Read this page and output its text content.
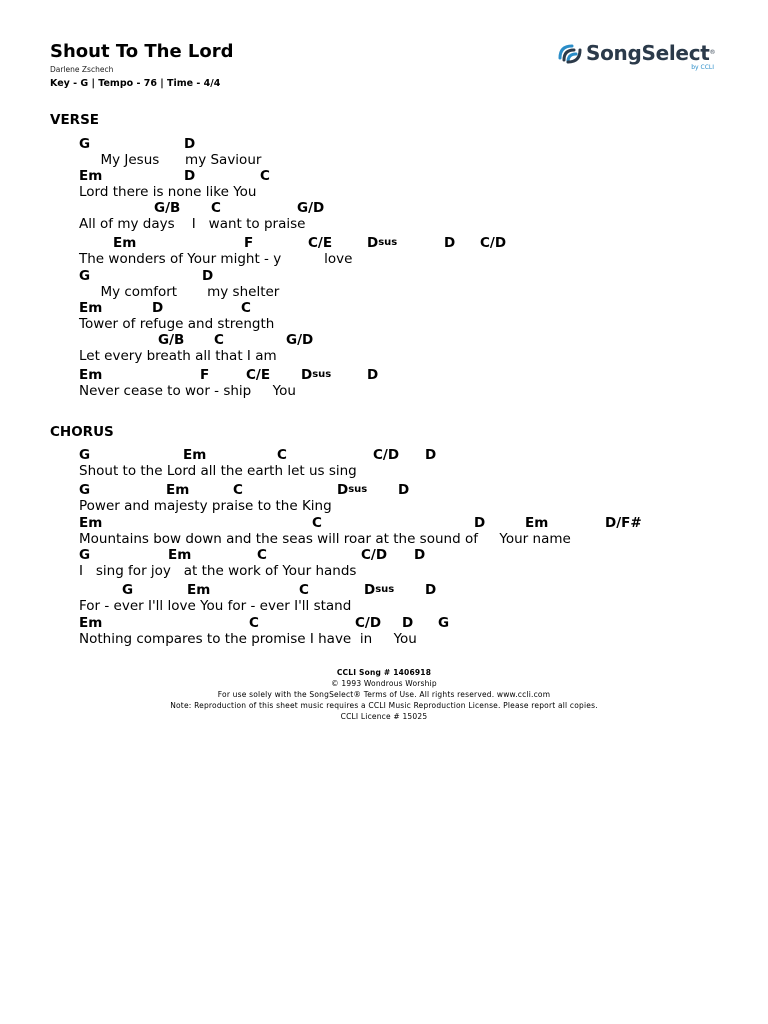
Shout To The Lord
Darlene Zschech
Key - G | Tempo - 76 | Time - 4/4
SongSelect®
by CCLI
VERSE
G	D
My Jesus      my Saviour
Em	D	C
Lord there is none like You
G/B C	G/D
All of my days    I   want to praise
Em	F	C/E	$D^{sus}$	D C/D
The wonders of Your might - y          love
G	D
My comfort       my shelter
Em	D	C
Tower of refuge and strength
G/B C	G/D
Let every breath all that I am
Em	F	C/E $D^{sus}$	D
Never cease to wor - ship     You
CHORUS
G	Em	C	C/D D
Shout to the Lord all the earth let us sing
G	Em	C	$D^{sus}$ D
Power and majesty praise to the King
Em	C	D	Em	D/F#
Mountains bow down and the seas will roar at the sound of     Your name
G	Em	C	C/D D
I   sing for joy   at the work of Your hands
G	Em	C	$D^{sus}$ D
For - ever I'll love You for - ever I'll stand
Em	C	C/D D G
Nothing compares to the promise I have  in     You
CCLI Song # 1406918
© 1993 Wondrous Worship
For use solely with the SongSelect® Terms of Use. All rights reserved. www.ccli.com
Note: Reproduction of this sheet music requires a CCLI Music Reproduction License. Please report all copies.
CCLI Licence # 15025
